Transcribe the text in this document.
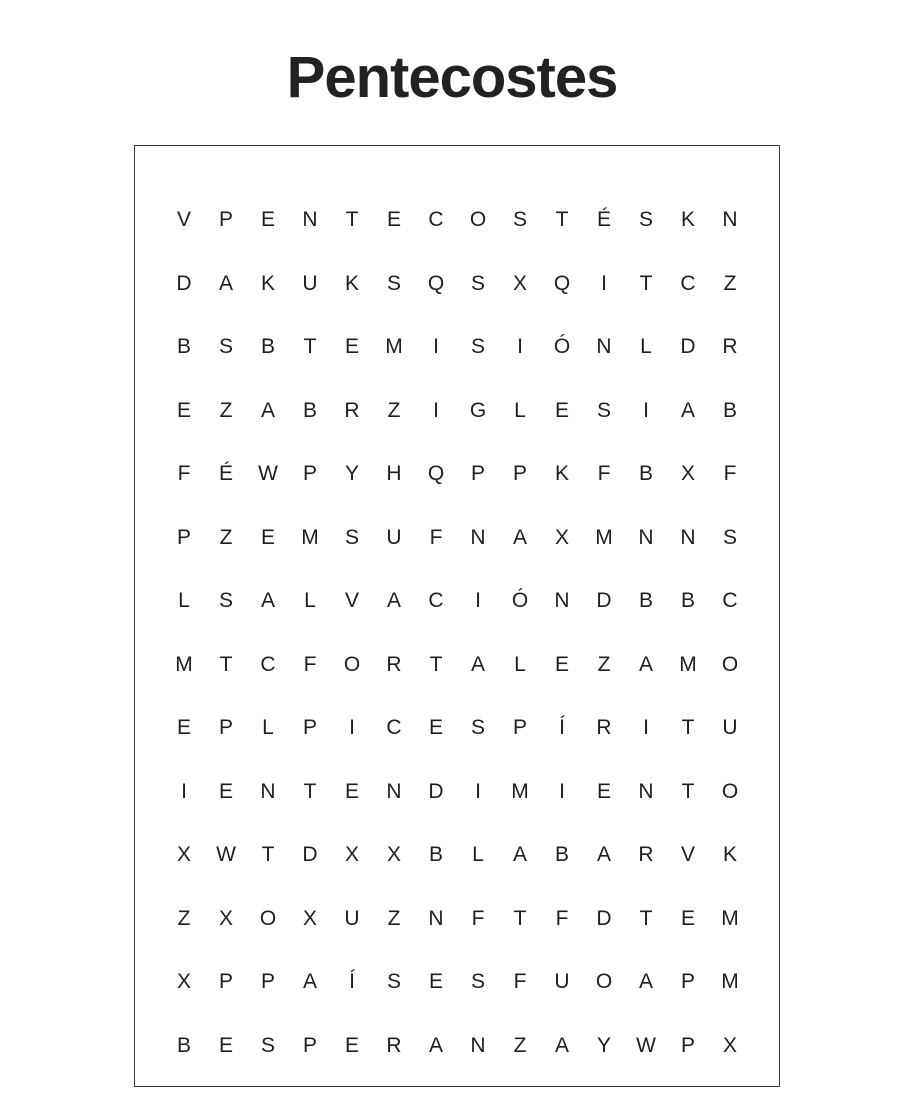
Pentecostes
V	P	E	N	T	E	C	O	S	T	É	S	K	N
D	A	K	U	K	S	Q	S	X	Q	I	T	C	Z
B	S	B	T	E	M	I	S	I	Ó	N	L	D	R
E	Z	A	B	R	Z	I	G	L	E	S	I	A	B
F	É	W	P	Y	H	Q	P	P	K	F	B	X	F
P	Z	E	M	S	U	F	N	A	X	M	N	N	S
L	S	A	L	V	A	C	I	Ó	N	D	B	B	C
M	T	C	F	O	R	T	A	L	E	Z	A	M	O
E	P	L	P	I	C	E	S	P	Í	R	I	T	U
I	E	N	T	E	N	D	I	M	I	E	N	T	O
X	W	T	D	X	X	B	L	A	B	A	R	V	K
Z	X	O	X	U	Z	N	F	T	F	D	T	E	M
X	P	P	A	Í	S	E	S	F	U	O	A	P	M
B	E	S	P	E	R	A	N	Z	A	Y	W	P	X
